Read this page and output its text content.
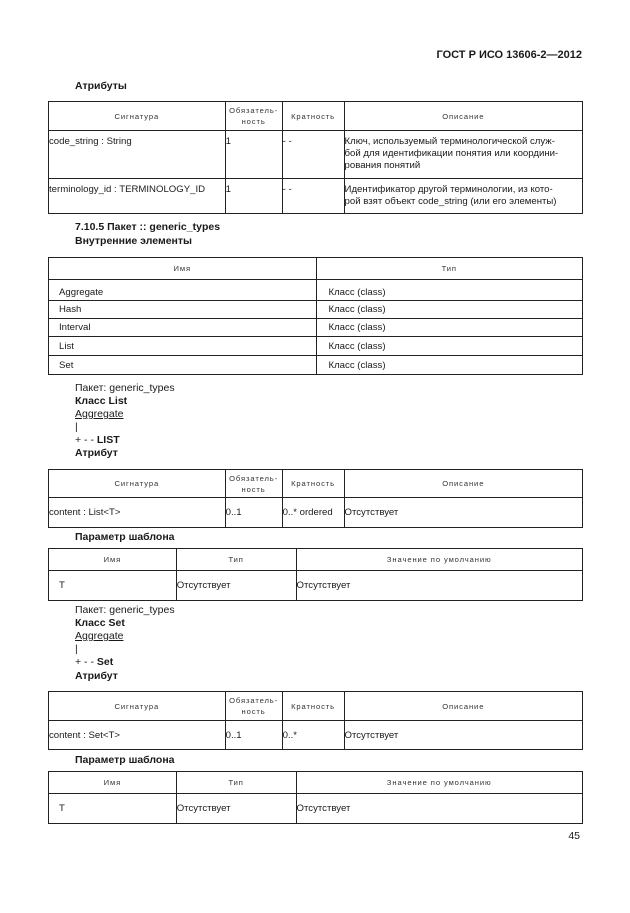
ГОСТ Р ИСО 13606-2—2012
Атрибуты
Сигнатура	Обязатель-ность	Кратность	Описание
code_string : String	1	- -	Ключ, используемый терминологической служ-
бой для идентификации понятия или координи-
рования понятий

terminology_id : TERMINOLOGY_ID	1	- -	Идентификатор другой терминологии, из кото-
рой взят объект code_string (или его элементы)
7.10.5 Пакет :: generic_types
Внутренние элементы
Имя	Тип
Aggregate	Класс (class)
Hash	Класс (class)
Interval	Класс (class)
List	Класс (class)
Set	Класс (class)
Пакет: generic_types
Класс List
Aggregate
|
+ - - LIST
Атрибут
Сигнатура	Обязатель-ность	Кратность	Описание
content : List<T>	0..1	0..* ordered	Отсутствует
Параметр шаблона
Имя	Тип	Значение по умолчанию
T	Отсутствует	Отсутствует
Пакет: generic_types
Класс Set
Aggregate
|
+ - - Set
Атрибут
Сигнатура	Обязатель-ность	Кратность	Описание
content : Set<T>	0..1	0..*	Отсутствует
Параметр шаблона
Имя	Тип	Значение по умолчанию
T	Отсутствует	Отсутствует
45
